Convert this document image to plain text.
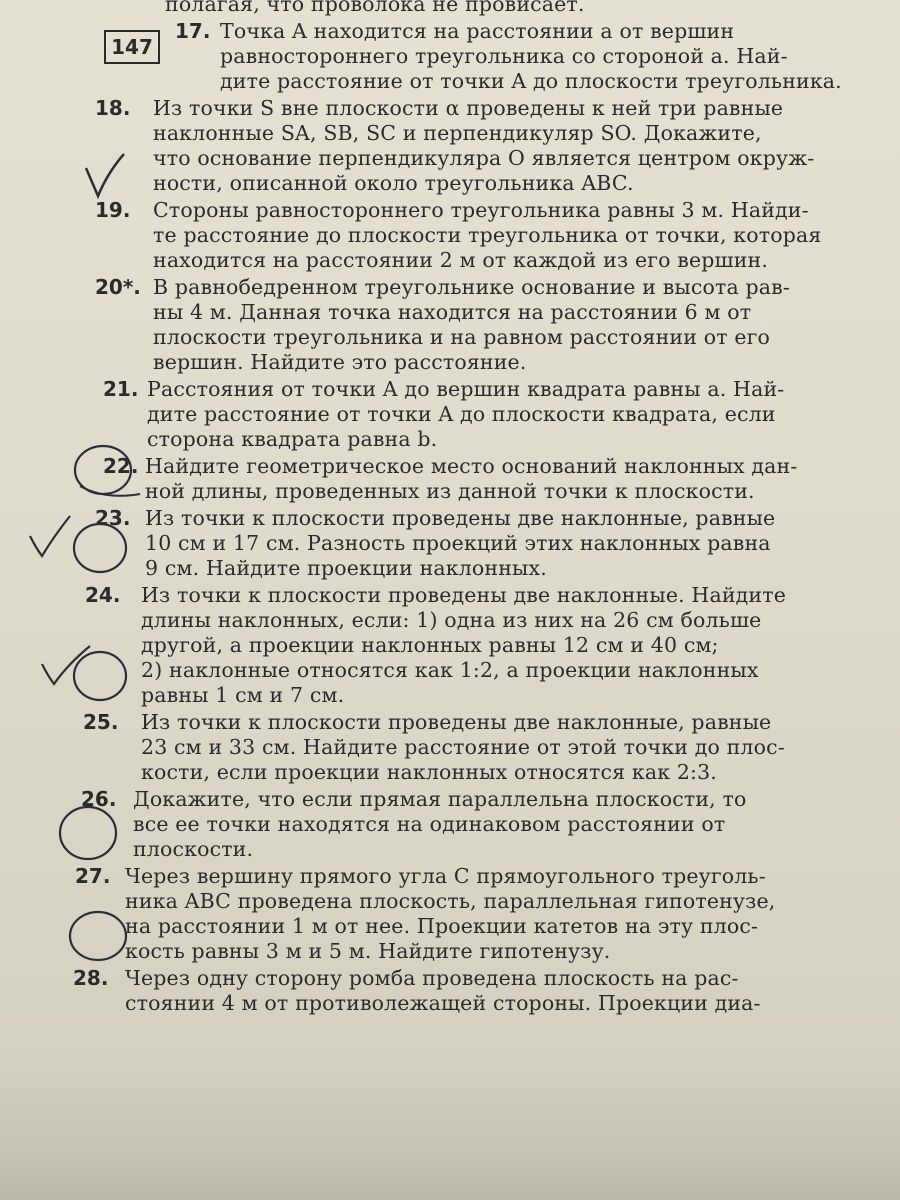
147
полагая, что проволока не провисает.
17. Точка A находится на расстоянии a от вершин
равностороннего треугольника со стороной a. Най-
дите расстояние от точки A до плоскости треугольника.
18.	Из точки S вне плоскости α проведены к ней три равные
наклонные SA, SB, SC и перпендикуляр SO. Докажите,
что основание перпендикуляра O является центром окруж-
ности, описанной около треугольника ABC.
19.	Стороны равностороннего треугольника равны 3 м. Найди-
те расстояние до плоскости треугольника от точки, которая
находится на расстоянии 2 м от каждой из его вершин.
20*. В равнобедренном треугольнике основание и высота рав-
ны 4 м. Данная точка находится на расстоянии 6 м от
плоскости треугольника и на равном расстоянии от его
вершин. Найдите это расстояние.
21. Расстояния от точки A до вершин квадрата равны a. Най-
дите расстояние от точки A до плоскости квадрата, если
сторона квадрата равна b.
22. Найдите геометрическое место оснований наклонных дан-
ной длины, проведенных из данной точки к плоскости.
23. Из точки к плоскости проведены две наклонные, равные
10 см и 17 см. Разность проекций этих наклонных равна
9 см. Найдите проекции наклонных.
24.	Из точки к плоскости проведены две наклонные. Найдите
длины наклонных, если: 1) одна из них на 26 см больше
другой, а проекции наклонных равны 12 см и 40 см;
2) наклонные относятся как 1:2, а проекции наклонных
равны 1 см и 7 см.
25.	Из точки к плоскости проведены две наклонные, равные
23 см и 33 см. Найдите расстояние от этой точки до плос-
кости, если проекции наклонных относятся как 2:3.
26. Докажите, что если прямая параллельна плоскости, то
все ее точки находятся на одинаковом расстоянии от
плоскости.
27. Через вершину прямого угла C прямоугольного треуголь-
ника ABC проведена плоскость, параллельная гипотенузе,
на расстоянии 1 м от нее. Проекции катетов на эту плос-
кость равны 3 м и 5 м. Найдите гипотенузу.
28. Через одну сторону ромба проведена плоскость на рас-
стоянии 4 м от противолежащей стороны. Проекции диа-
